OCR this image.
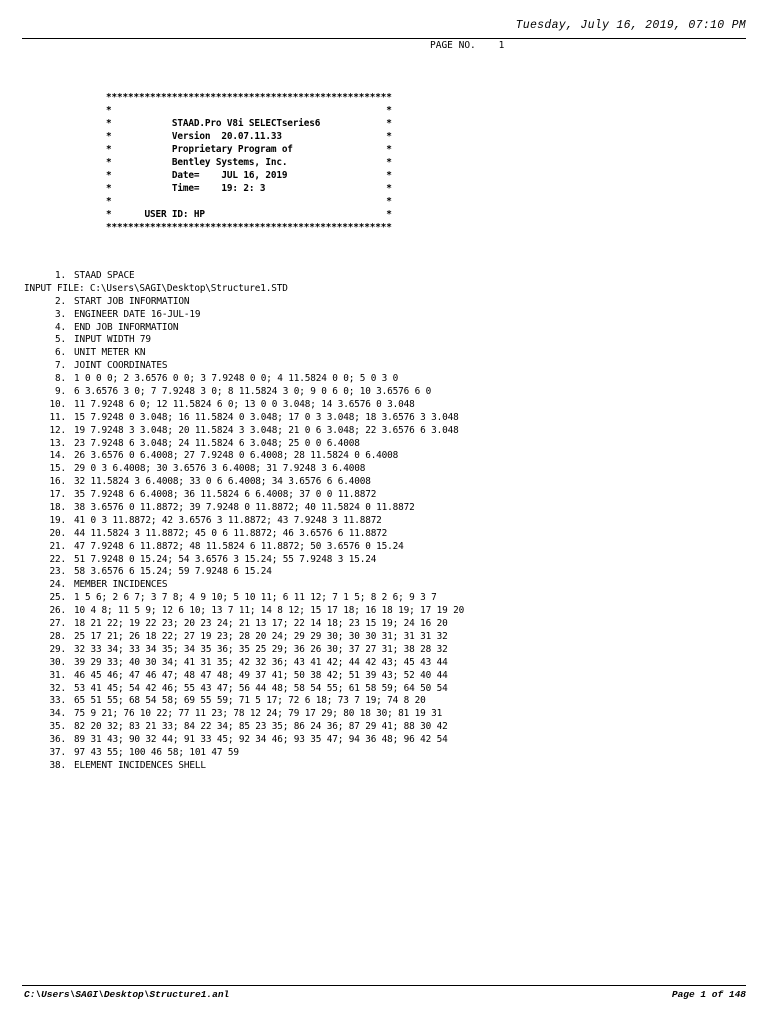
Tuesday, July 16, 2019, 07:10 PM
PAGE NO.    1
****************************************************
*                                                  *
*           STAAD.Pro V8i SELECTseries6            *
*           Version  20.07.11.33                   *
*           Proprietary Program of                 *
*           Bentley Systems, Inc.                  *
*           Date=    JUL 16, 2019                  *
*           Time=    19: 2: 3                      *
*                                                  *
*      USER ID: HP                                 *
****************************************************
1. STAAD SPACE
INPUT FILE: C:\Users\SAGI\Desktop\Structure1.STD
2. START JOB INFORMATION
3. ENGINEER DATE 16-JUL-19
4. END JOB INFORMATION
5. INPUT WIDTH 79
6. UNIT METER KN
7. JOINT COORDINATES
8. 1 0 0 0; 2 3.6576 0 0; 3 7.9248 0 0; 4 11.5824 0 0; 5 0 3 0
9. 6 3.6576 3 0; 7 7.9248 3 0; 8 11.5824 3 0; 9 0 6 0; 10 3.6576 6 0
10. 11 7.9248 6 0; 12 11.5824 6 0; 13 0 0 3.048; 14 3.6576 0 3.048
11. 15 7.9248 0 3.048; 16 11.5824 0 3.048; 17 0 3 3.048; 18 3.6576 3 3.048
12. 19 7.9248 3 3.048; 20 11.5824 3 3.048; 21 0 6 3.048; 22 3.6576 6 3.048
13. 23 7.9248 6 3.048; 24 11.5824 6 3.048; 25 0 0 6.4008
14. 26 3.6576 0 6.4008; 27 7.9248 0 6.4008; 28 11.5824 0 6.4008
15. 29 0 3 6.4008; 30 3.6576 3 6.4008; 31 7.9248 3 6.4008
16. 32 11.5824 3 6.4008; 33 0 6 6.4008; 34 3.6576 6 6.4008
17. 35 7.9248 6 6.4008; 36 11.5824 6 6.4008; 37 0 0 11.8872
18. 38 3.6576 0 11.8872; 39 7.9248 0 11.8872; 40 11.5824 0 11.8872
19. 41 0 3 11.8872; 42 3.6576 3 11.8872; 43 7.9248 3 11.8872
20. 44 11.5824 3 11.8872; 45 0 6 11.8872; 46 3.6576 6 11.8872
21. 47 7.9248 6 11.8872; 48 11.5824 6 11.8872; 50 3.6576 0 15.24
22. 51 7.9248 0 15.24; 54 3.6576 3 15.24; 55 7.9248 3 15.24
23. 58 3.6576 6 15.24; 59 7.9248 6 15.24
24. MEMBER INCIDENCES
25. 1 5 6; 2 6 7; 3 7 8; 4 9 10; 5 10 11; 6 11 12; 7 1 5; 8 2 6; 9 3 7
26. 10 4 8; 11 5 9; 12 6 10; 13 7 11; 14 8 12; 15 17 18; 16 18 19; 17 19 20
27. 18 21 22; 19 22 23; 20 23 24; 21 13 17; 22 14 18; 23 15 19; 24 16 20
28. 25 17 21; 26 18 22; 27 19 23; 28 20 24; 29 29 30; 30 30 31; 31 31 32
29. 32 33 34; 33 34 35; 34 35 36; 35 25 29; 36 26 30; 37 27 31; 38 28 32
30. 39 29 33; 40 30 34; 41 31 35; 42 32 36; 43 41 42; 44 42 43; 45 43 44
31. 46 45 46; 47 46 47; 48 47 48; 49 37 41; 50 38 42; 51 39 43; 52 40 44
32. 53 41 45; 54 42 46; 55 43 47; 56 44 48; 58 54 55; 61 58 59; 64 50 54
33. 65 51 55; 68 54 58; 69 55 59; 71 5 17; 72 6 18; 73 7 19; 74 8 20
34. 75 9 21; 76 10 22; 77 11 23; 78 12 24; 79 17 29; 80 18 30; 81 19 31
35. 82 20 32; 83 21 33; 84 22 34; 85 23 35; 86 24 36; 87 29 41; 88 30 42
36. 89 31 43; 90 32 44; 91 33 45; 92 34 46; 93 35 47; 94 36 48; 96 42 54
37. 97 43 55; 100 46 58; 101 47 59
38. ELEMENT INCIDENCES SHELL
C:\Users\SAGI\Desktop\Structure1.anl	Page 1 of 148
